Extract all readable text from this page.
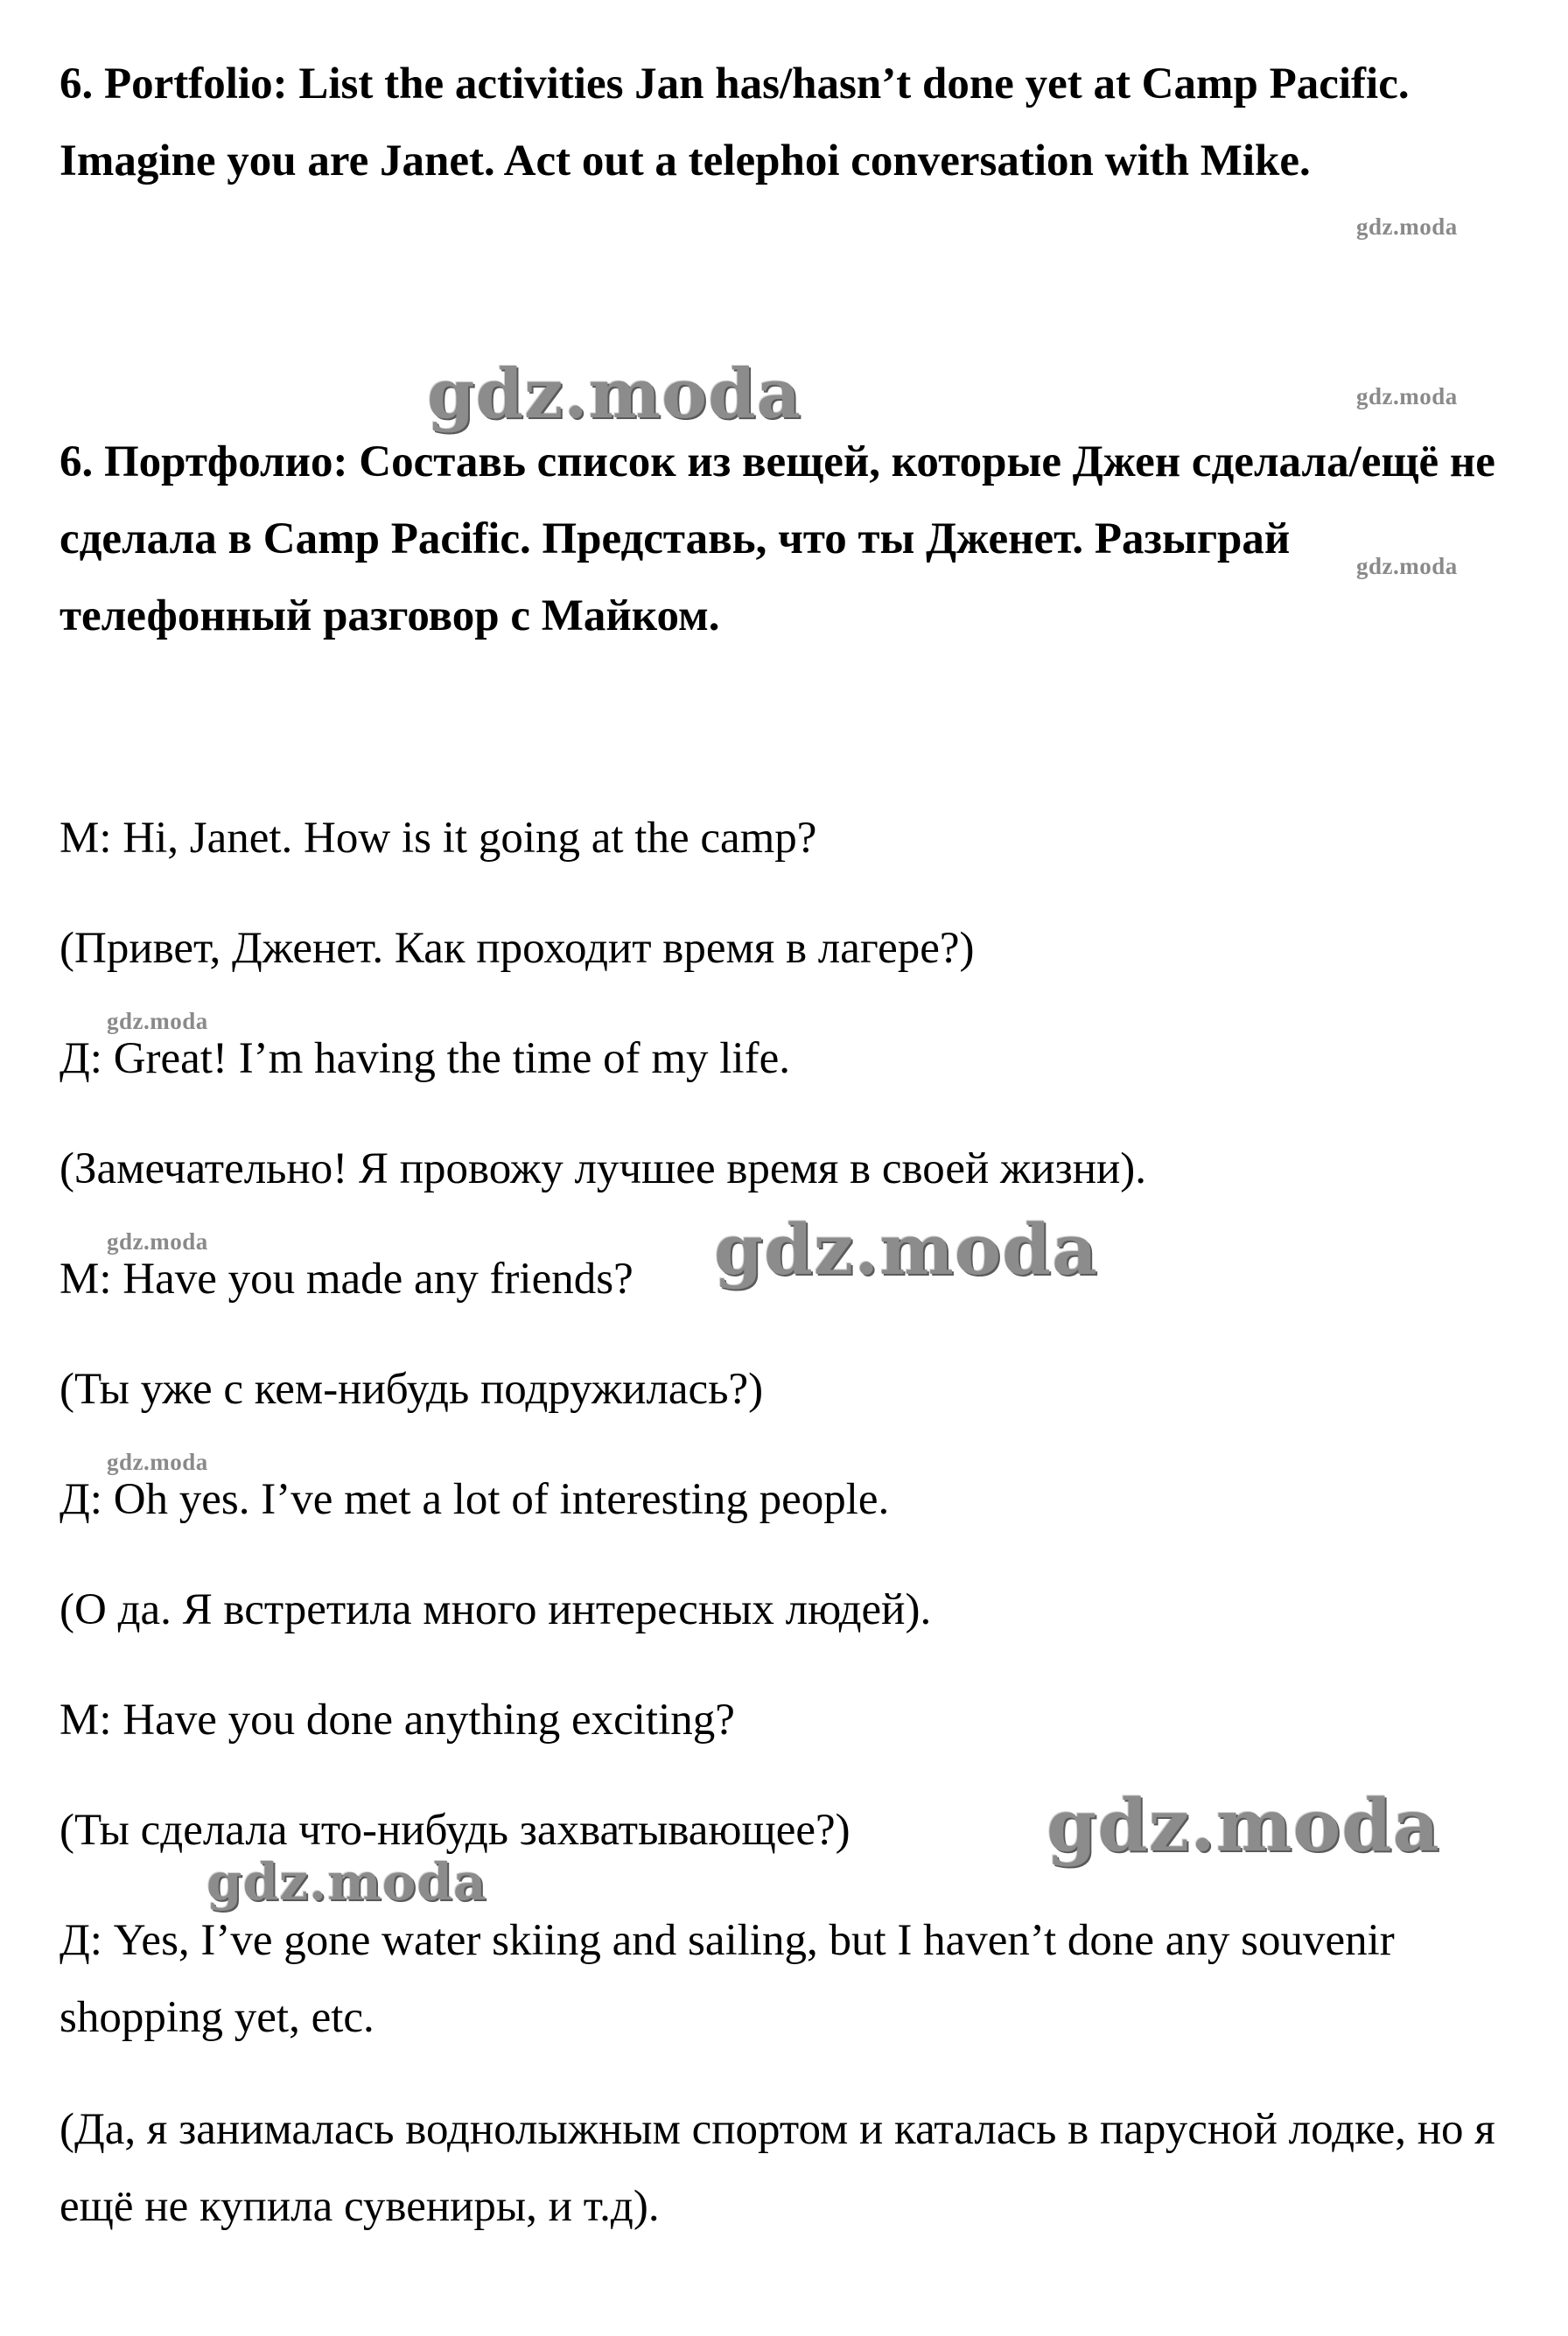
6. Portfolio: List the activities Jan has/hasn’t done yet at Camp Pacific. Imagine you are Janet. Act out a telephoi conversation with Mike.

6. Портфолио: Составь список из вещей, которые Джен сделала/ещё не сделала в Camp Pacific. Представь, что ты Дженет. Разыграй телефонный разговор с Майком.

M: Hi, Janet. How is it going at the camp?

(Привет, Дженет. Как проходит время в лагере?)

Д: Great! I’m having the time of my life.

(Замечательно! Я провожу лучшее время в своей жизни).

M: Have you made any friends?

(Ты уже с кем-нибудь подружилась?)

Д: Oh yes. I’ve met a lot of interesting people.

(О да. Я встретила много интересных людей).

M: Have you done anything exciting?

(Ты сделала что-нибудь захватывающее?)

Д: Yes, I’ve gone water skiing and sailing, but I haven’t done any souvenir shopping yet, etc.

(Да, я занималась воднолыжным спортом и каталась в парусной лодке, но я ещё не купила сувениры, и т.д).

gdz.moda
gdz.moda
gdz.moda
gdz.moda
gdz.moda
gdz.moda
gdz.moda
gdz.moda
gdz.moda
gdz.moda
